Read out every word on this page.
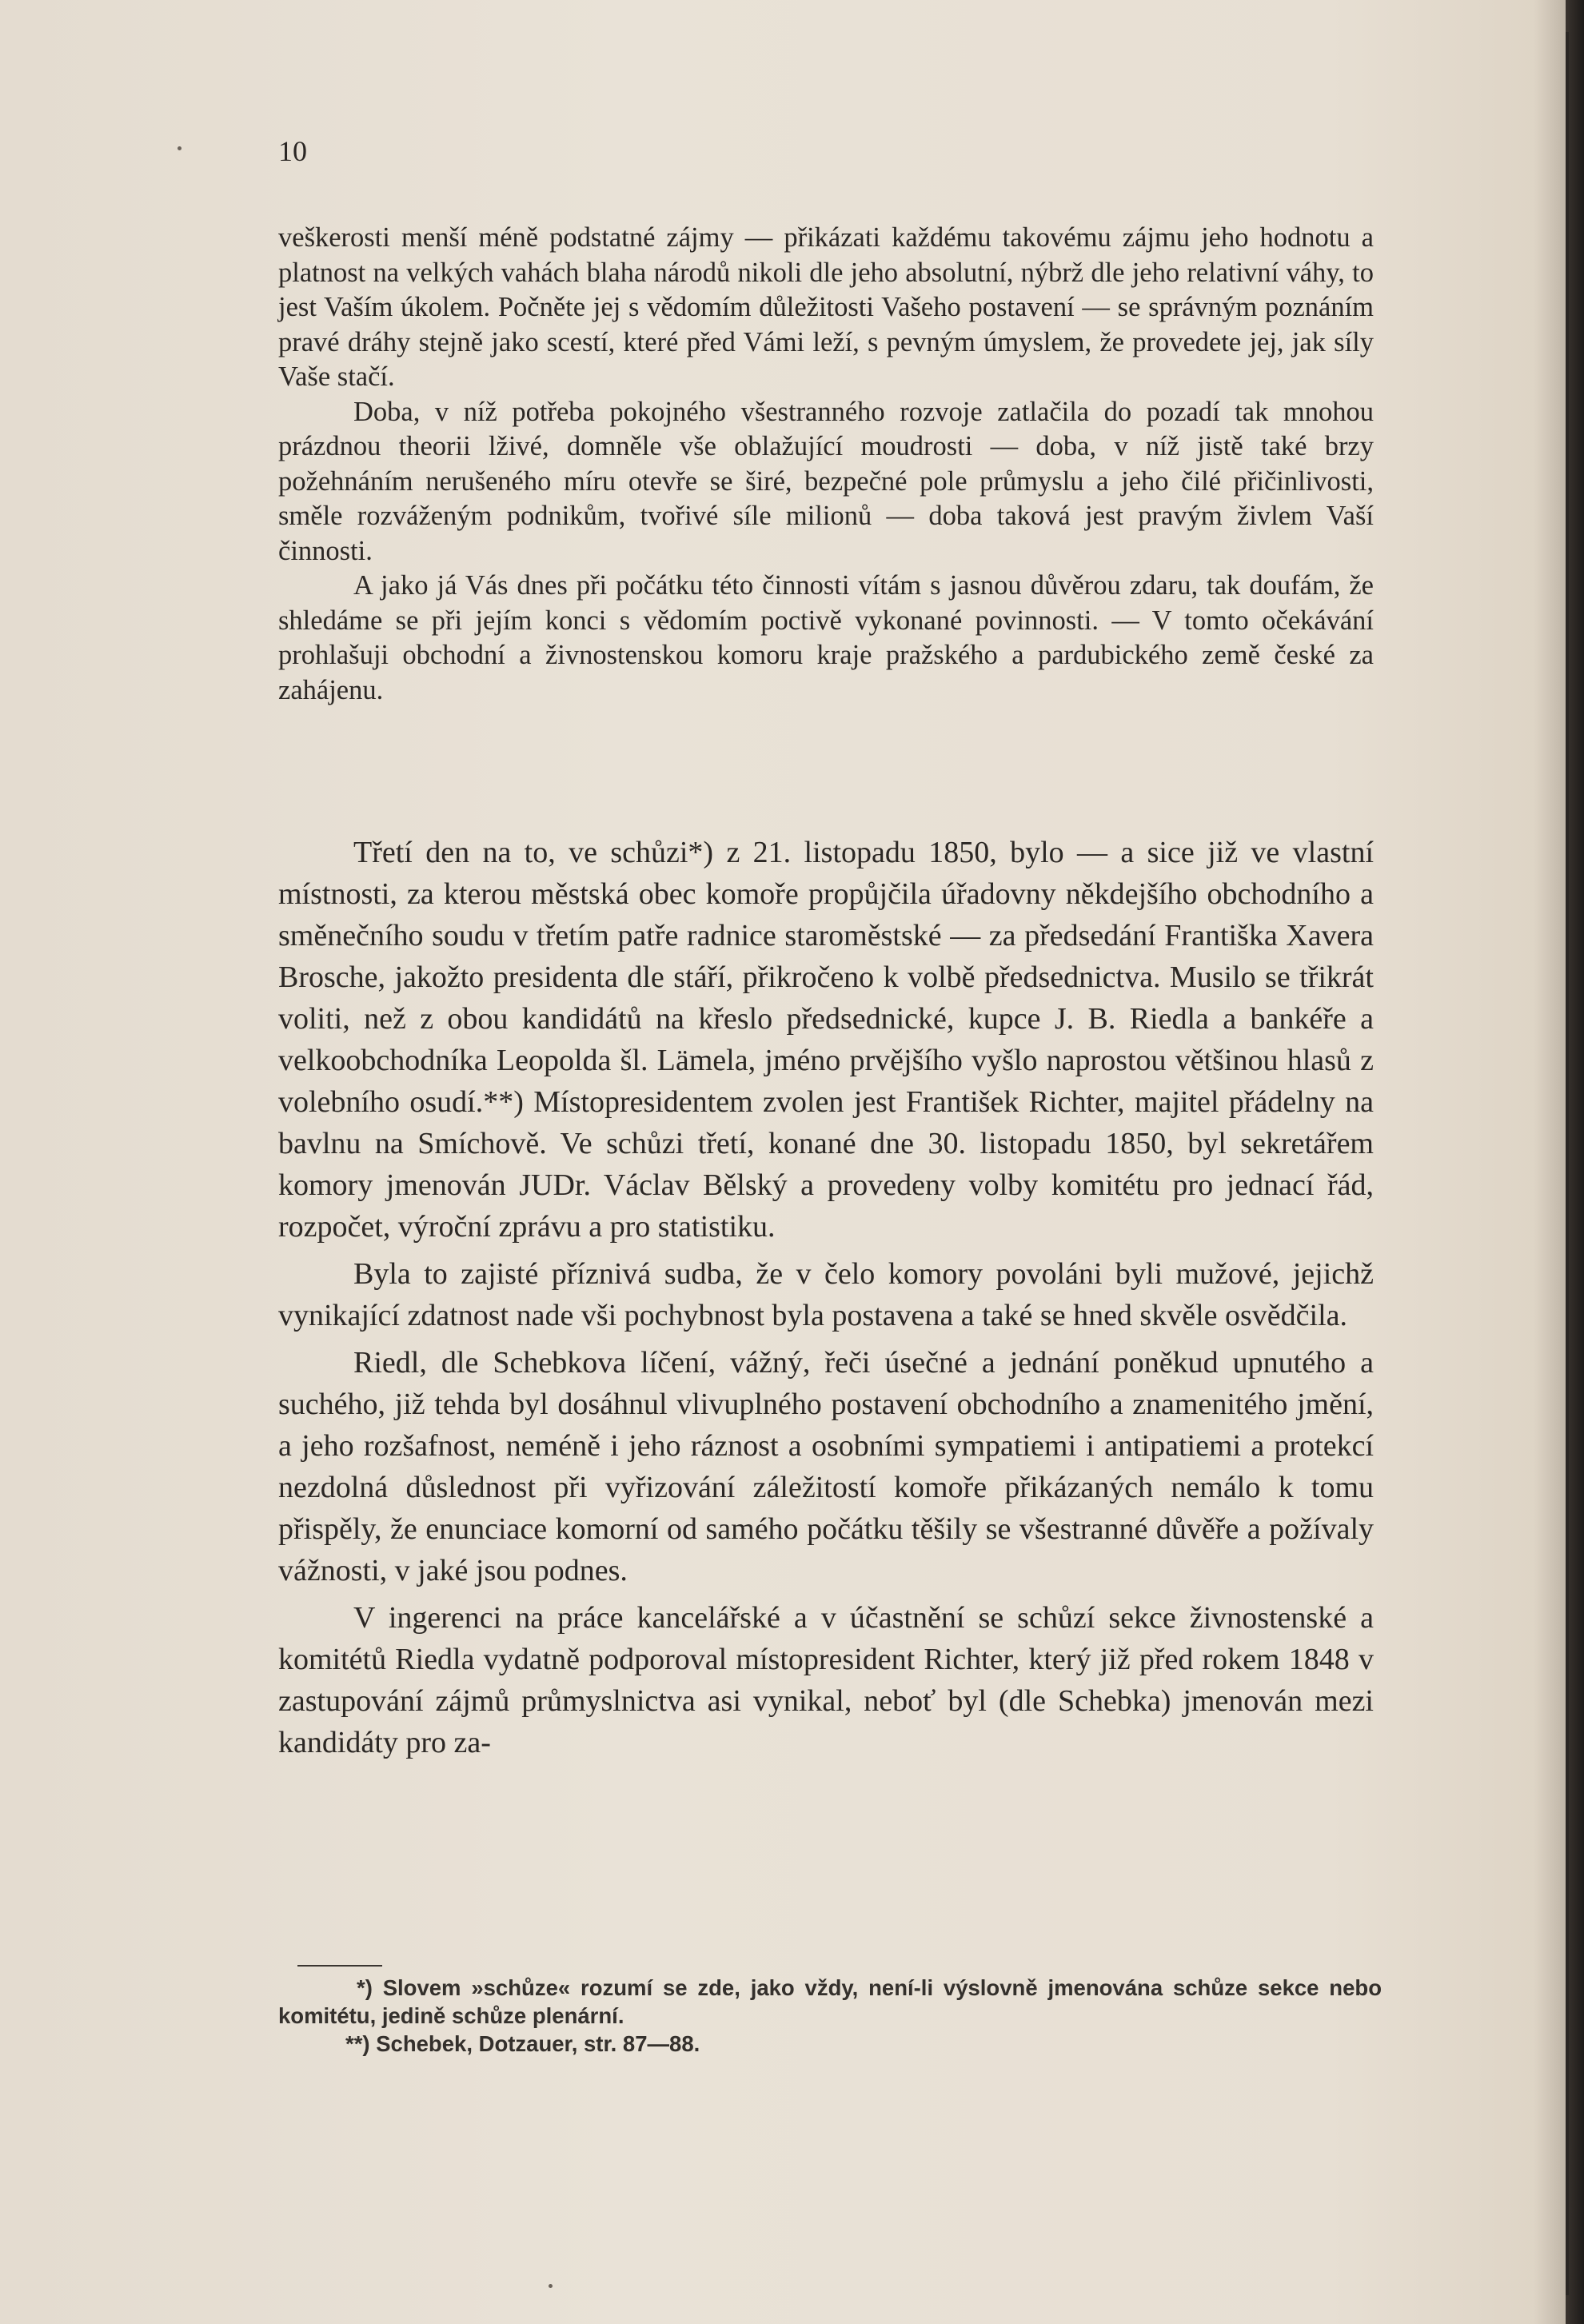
10

veškerosti menší méně podstatné zájmy — přikázati každému takovému zájmu jeho hodnotu a platnost na velkých vahách blaha národů nikoli dle jeho absolutní, nýbrž dle jeho relativní váhy, to jest Vaším úkolem. Počněte jej s vědomím důležitosti Vašeho postavení — se správným poznáním pravé dráhy stejně jako scestí, které před Vámi leží, s pevným úmyslem, že provedete jej, jak síly Vaše stačí.

Doba, v níž potřeba pokojného všestranného rozvoje zatlačila do pozadí tak mnohou prázdnou theorii lživé, domněle vše oblažující moudrosti — doba, v níž jistě také brzy požehnáním nerušeného míru otevře se širé, bezpečné pole průmyslu a jeho čilé přičinlivosti, směle rozváženým podnikům, tvořivé síle milionů — doba taková jest pravým živlem Vaší činnosti.

A jako já Vás dnes při počátku této činnosti vítám s jasnou důvěrou zdaru, tak doufám, že shledáme se při jejím konci s vědomím poctivě vykonané povinnosti. — V tomto očekávání prohlašuji obchodní a živnostenskou komoru kraje pražského a pardubického země české za zahájenu.

Třetí den na to, ve schůzi*) z 21. listopadu 1850, bylo — a sice již ve vlastní místnosti, za kterou městská obec komoře propůjčila úřadovny někdejšího obchodního a směnečního soudu v třetím patře radnice staroměstské — za předsedání Františka Xavera Brosche, jakožto presidenta dle stáří, přikročeno k volbě předsednictva. Musilo se třikrát voliti, než z obou kandidátů na křeslo předsednické, kupce J. B. Riedla a bankéře a velkoobchodníka Leopolda šl. Lämela, jméno prvějšího vyšlo naprostou většinou hlasů z volebního osudí.**) Místopresidentem zvolen jest František Richter, majitel přádelny na bavlnu na Smíchově. Ve schůzi třetí, konané dne 30. listopadu 1850, byl sekretářem komory jmenován JUDr. Václav Bělský a provedeny volby komitétu pro jednací řád, rozpočet, výroční zprávu a pro statistiku.

Byla to zajisté příznivá sudba, že v čelo komory povoláni byli mužové, jejichž vynikající zdatnost nade vši pochybnost byla postavena a také se hned skvěle osvědčila.

Riedl, dle Schebkova líčení, vážný, řeči úsečné a jednání poněkud upnutého a suchého, již tehda byl dosáhnul vlivuplného postavení obchodního a znamenitého jmění, a jeho rozšafnost, neméně i jeho ráznost a osobními sympatiemi i antipatiemi a protekcí nezdolná důslednost při vyřizování záležitostí komoře přikázaných nemálo k tomu přispěly, že enunciace komorní od samého počátku těšily se všestranné důvěře a požívaly vážnosti, v jaké jsou podnes.

V ingerenci na práce kancelářské a v účastnění se schůzí sekce živnostenské a komitétů Riedla vydatně podporoval místopresident Richter, který již před rokem 1848 v zastupování zájmů průmyslnictva asi vynikal, neboť byl (dle Schebka) jmenován mezi kandidáty pro za-

*) Slovem »schůze« rozumí se zde, jako vždy, není-li výslovně jmenována schůze sekce nebo komitétu, jedině schůze plenární.

**) Schebek, Dotzauer, str. 87—88.
